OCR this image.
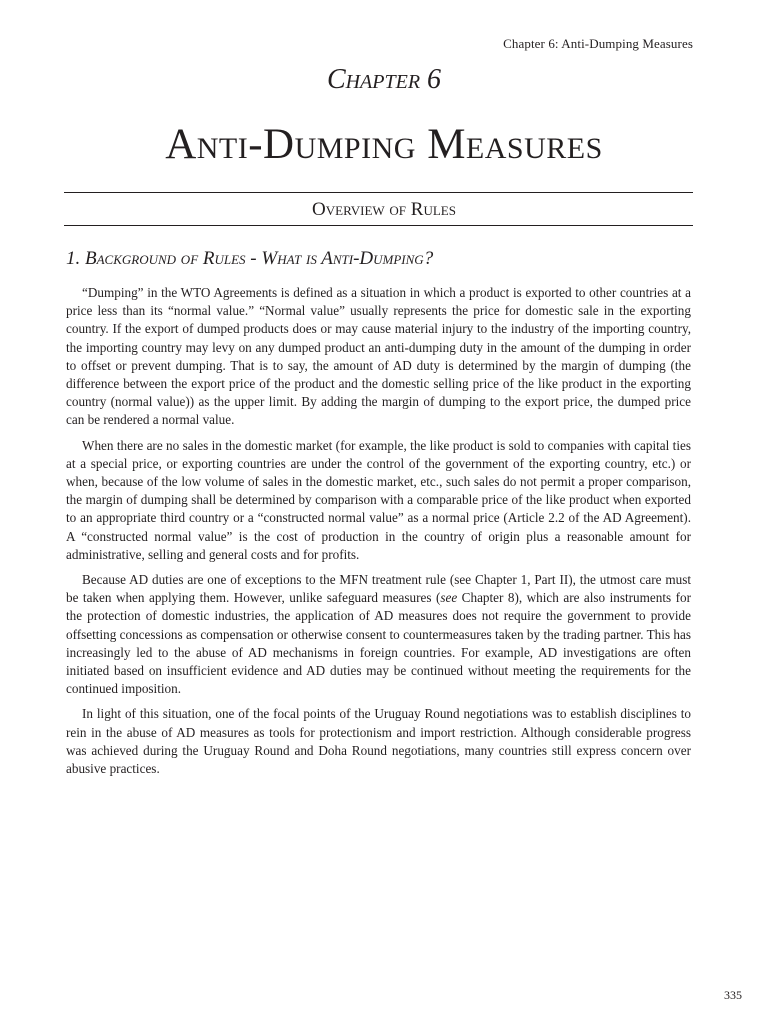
Chapter 6: Anti-Dumping Measures
Chapter 6
Anti-Dumping Measures
Overview of Rules
1. Background of Rules - What is Anti-Dumping?

“Dumping” in the WTO Agreements is defined as a situation in which a product is exported to other countries at a price less than its “normal value.” “Normal value” usually represents the price for domestic sale in the exporting country. If the export of dumped products does or may cause material injury to the industry of the importing country, the importing country may levy on any dumped product an anti-dumping duty in the amount of the dumping in order to offset or prevent dumping. That is to say, the amount of AD duty is determined by the margin of dumping (the difference between the export price of the product and the domestic selling price of the like product in the exporting country (normal value)) as the upper limit. By adding the margin of dumping to the export price, the dumped price can be rendered a normal value.

When there are no sales in the domestic market (for example, the like product is sold to companies with capital ties at a special price, or exporting countries are under the control of the government of the exporting country, etc.) or when, because of the low volume of sales in the domestic market, etc., such sales do not permit a proper comparison, the margin of dumping shall be determined by comparison with a comparable price of the like product when exported to an appropriate third country or a “constructed normal value” as a normal price (Article 2.2 of the AD Agreement). A “constructed normal value” is the cost of production in the country of origin plus a reasonable amount for administrative, selling and general costs and for profits.

Because AD duties are one of exceptions to the MFN treatment rule (see Chapter 1, Part II), the utmost care must be taken when applying them. However, unlike safeguard measures (see Chapter 8), which are also instruments for the protection of domestic industries, the application of AD measures does not require the government to provide offsetting concessions as compensation or otherwise consent to countermeasures taken by the trading partner. This has increasingly led to the abuse of AD mechanisms in foreign countries. For example, AD investigations are often initiated based on insufficient evidence and AD duties may be continued without meeting the requirements for the continued imposition.

In light of this situation, one of the focal points of the Uruguay Round negotiations was to establish disciplines to rein in the abuse of AD measures as tools for protectionism and import restriction. Although considerable progress was achieved during the Uruguay Round and Doha Round negotiations, many countries still express concern over abusive practices.

335
